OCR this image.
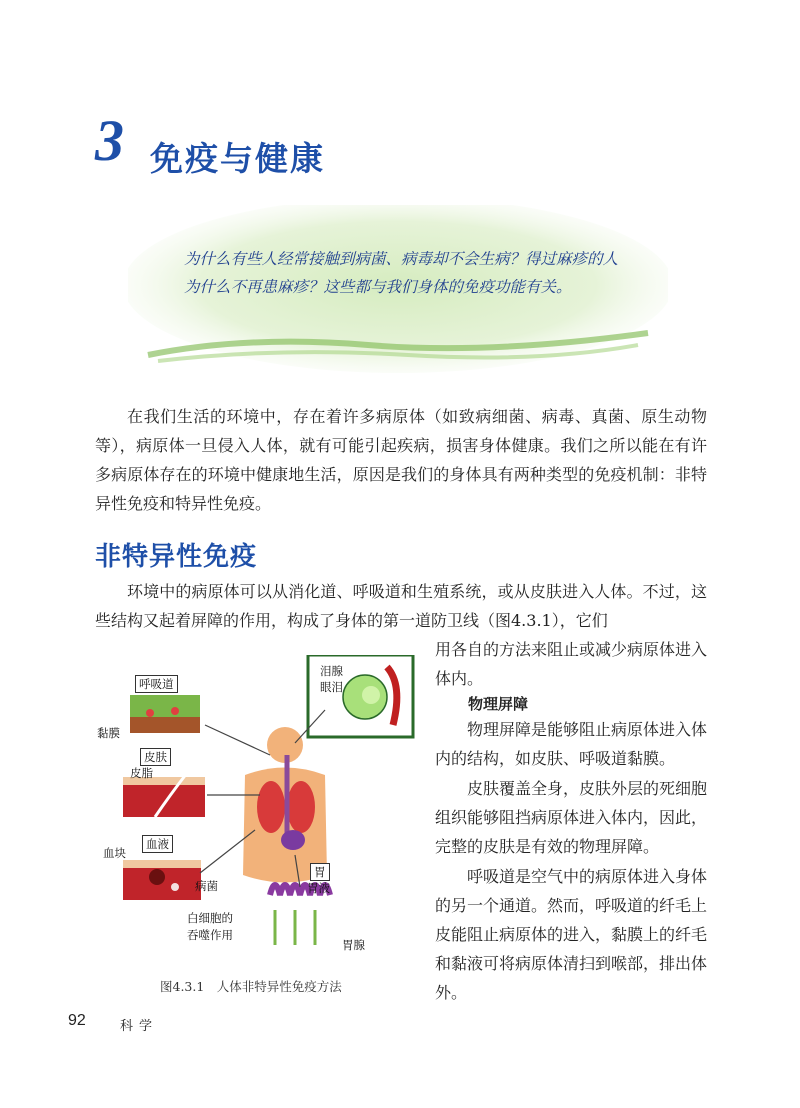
3 免疫与健康
为什么有些人经常接触到病菌、病毒却不会生病？得过麻疹的人为什么不再患麻疹？这些都与我们身体的免疫功能有关。
在我们生活的环境中，存在着许多病原体（如致病细菌、病毒、真菌、原生动物等），病原体一旦侵入人体，就有可能引起疾病，损害身体健康。我们之所以能在有许多病原体存在的环境中健康地生活，原因是我们的身体具有两种类型的免疫机制：非特异性免疫和特异性免疫。
非特异性免疫
环境中的病原体可以从消化道、呼吸道和生殖系统，或从皮肤进入人体。不过，这些结构又起着屏障的作用，构成了身体的第一道防卫线（图4.3.1），它们
用各自的方法来阻止或减少病原体进入体内。
物理屏障
物理屏障是能够阻止病原体进入体内的结构，如皮肤、呼吸道黏膜。
皮肤覆盖全身，皮肤外层的死细胞组织能够阻挡病原体进入体内，因此，完整的皮肤是有效的物理屏障。
呼吸道是空气中的病原体进入身体的另一个通道。然而，呼吸道的纤毛上皮能阻止病原体的进入，黏膜上的纤毛和黏液可将病原体清扫到喉部，排出体外。
呼吸道
黏膜
皮肤
皮脂
血液
血块
病菌
白细胞的
吞噬作用
泪腺
眼泪
胃
胃液
胃腺
图4.3.1　人体非特异性免疫方法
92	科学
